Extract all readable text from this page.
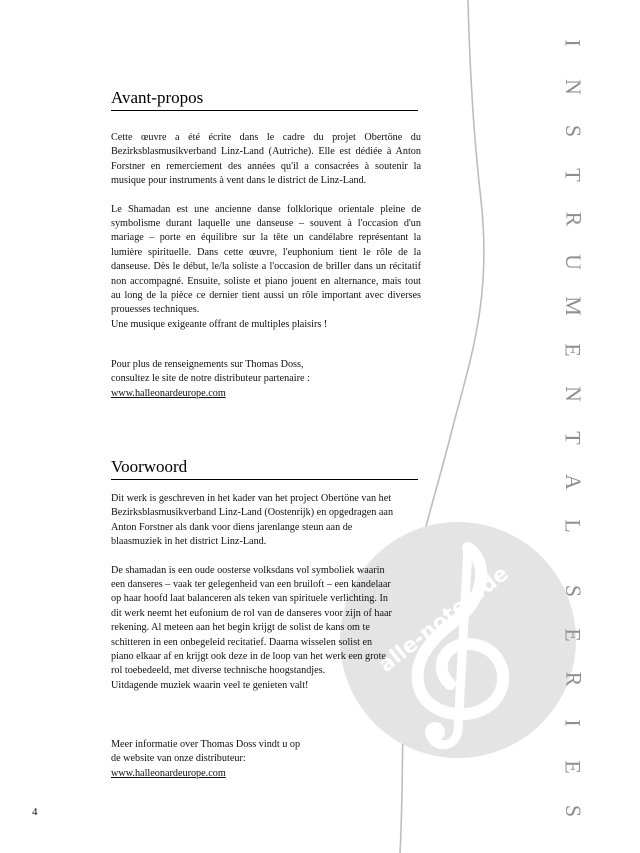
alle-noten.de
I
N
S
T
R
U
M
E
N
T
A
L
S
E
R
I
E
S
Avant-propos

Cette œuvre a été écrite dans le cadre du projet Obertöne du Bezirksblasmusikverband Linz-Land (Autriche). Elle est dédiée à Anton Forstner en remerciement des années qu'il a consacrées à soutenir la musique pour instruments à vent dans le district de Linz-Land.

Le Shamadan est une ancienne danse folklorique orientale pleine de symbolisme durant laquelle une danseuse – souvent à l'occasion d'un mariage – porte en équilibre sur la tête un candélabre représentant la lumière spirituelle. Dans cette œuvre, l'euphonium tient le rôle de la danseuse. Dès le début, le/la soliste a l'occasion de briller dans un récitatif non accompagné. Ensuite, soliste et piano jouent en alternance, mais tout au long de la pièce ce dernier tient aussi un rôle important avec diverses prouesses techniques.

Une musique exigeante offrant de multiples plaisirs !

Pour plus de renseignements sur Thomas Doss,
consultez le site de notre distributeur partenaire :
www.halleonardeurope.com
Voorwoord

Dit werk is geschreven in het kader van het project Obertöne van het Bezirksblasmusikverband Linz-Land (Oostenrijk) en opgedragen aan Anton Forstner als dank voor diens jarenlange steun aan de blaasmuziek in het district Linz-Land.

De shamadan is een oude oosterse volksdans vol symboliek waarin een danseres – vaak ter gelegenheid van een bruiloft – een kandelaar op haar hoofd laat balanceren als teken van spirituele verlichting. In dit werk neemt het eufonium de rol van de danseres voor zijn of haar rekening. Al meteen aan het begin krijgt de solist de kans om te schitteren in een onbegeleid recitatief. Daarna wisselen solist en piano elkaar af en krijgt ook deze in de loop van het werk een grote rol toebedeeld, met diverse technische hoogstandjes.

Uitdagende muziek waarin veel te genieten valt!

Meer informatie over Thomas Doss vindt u op
de website van onze distributeur:
www.halleonardeurope.com
4
